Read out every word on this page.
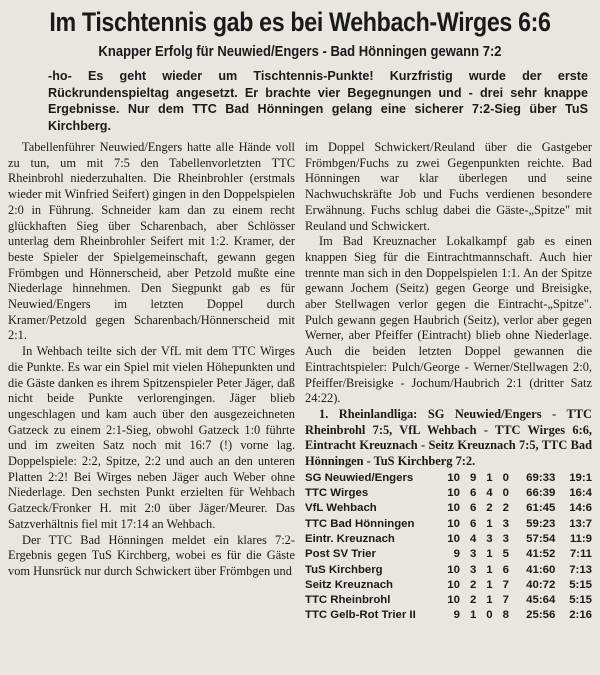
Im Tischtennis gab es bei Wehbach-Wirges 6:6
Knapper Erfolg für Neuwied/Engers - Bad Hönningen gewann 7:2

-ho- Es geht wieder um Tischtennis-Punkte! Kurzfristig wurde der erste Rückrundenspieltag angesetzt. Er brachte vier Begegnungen und - drei sehr knappe Ergebnisse. Nur dem TTC Bad Hönningen gelang eine sicherer 7:2-Sieg über TuS Kirchberg.

Tabellenführer Neuwied/Engers hatte alle Hände voll zu tun, um mit 7:5 den Tabellenvorletzten TTC Rheinbrohl niederzuhalten. Die Rheinbrohler (erstmals wieder mit Winfried Seifert) gingen in den Doppelspielen 2:0 in Führung. Schneider kam dan zu einem recht glückhaften Sieg über Scharenbach, aber Schlösser unterlag dem Rheinbrohler Seifert mit 1:2. Kramer, der beste Spieler der Spielgemeinschaft, gewann gegen Frömbgen und Hönnerscheid, aber Petzold mußte eine Niederlage hinnehmen. Den Siegpunkt gab es für Neuwied/Engers im letzten Doppel durch Kramer/Petzold gegen Scharenbach/Hönnerscheid mit 2:1.

In Wehbach teilte sich der VfL mit dem TTC Wirges die Punkte. Es war ein Spiel mit vielen Höhepunkten und die Gäste danken es ihrem Spitzenspieler Peter Jäger, daß nicht beide Punkte verlorengingen. Jäger blieb ungeschlagen und kam auch über den ausgezeichneten Gatzeck zu einem 2:1-Sieg, obwohl Gatzeck 1:0 führte und im zweiten Satz noch mit 16:7 (!) vorne lag. Doppelspiele: 2:2, Spitze, 2:2 und auch an den unteren Platten 2:2! Bei Wirges neben Jäger auch Weber ohne Niederlage. Den sechsten Punkt erzielten für Wehbach Gatzeck/Fronker H. mit 2:0 über Jäger/Meurer. Das Satzverhältnis fiel mit 17:14 an Wehbach.

Der TTC Bad Hönningen meldet ein klares 7:2-Ergebnis gegen TuS Kirchberg, wobei es für die Gäste vom Hunsrück nur durch Schwickert über Frömbgen und

im Doppel Schwickert/Reuland über die Gastgeber Frömbgen/Fuchs zu zwei Gegenpunkten reichte. Bad Hönningen war klar überlegen und seine Nachwuchskräfte Job und Fuchs verdienen besondere Erwähnung. Fuchs schlug dabei die Gäste-„Spitze" mit Reuland und Schwickert.

Im Bad Kreuznacher Lokalkampf gab es einen knappen Sieg für die Eintrachtmannschaft. Auch hier trennte man sich in den Doppelspielen 1:1. An der Spitze gewann Jochem (Seitz) gegen George und Breisigke, aber Stellwagen verlor gegen die Eintracht-„Spitze". Pulch gewann gegen Haubrich (Seitz), verlor aber gegen Werner, aber Pfeiffer (Eintracht) blieb ohne Niederlage. Auch die beiden letzten Doppel gewannen die Eintrachtspieler: Pulch/George - Werner/Stellwagen 2:0, Pfeiffer/Breisigke - Jochum/Haubrich 2:1 (dritter Satz 24:22).

1. Rheinlandliga: SG Neuwied/Engers - TTC Rheinbrohl 7:5, VfL Wehbach - TTC Wirges 6:6, Eintracht Kreuznach - Seitz Kreuznach 7:5, TTC Bad Hönningen - TuS Kirchberg 7:2.

SG Neuwied/Engers	10	9	1	0	69:33	19:1
TTC Wirges	10	6	4	0	66:39	16:4
VfL Wehbach	10	6	2	2	61:45	14:6
TTC Bad Hönningen	10	6	1	3	59:23	13:7
Eintr. Kreuznach	10	4	3	3	57:54	11:9
Post SV Trier	9	3	1	5	41:52	7:11
TuS Kirchberg	10	3	1	6	41:60	7:13
Seitz Kreuznach	10	2	1	7	40:72	5:15
TTC Rheinbrohl	10	2	1	7	45:64	5:15
TTC Gelb-Rot Trier II	9	1	0	8	25:56	2:16
